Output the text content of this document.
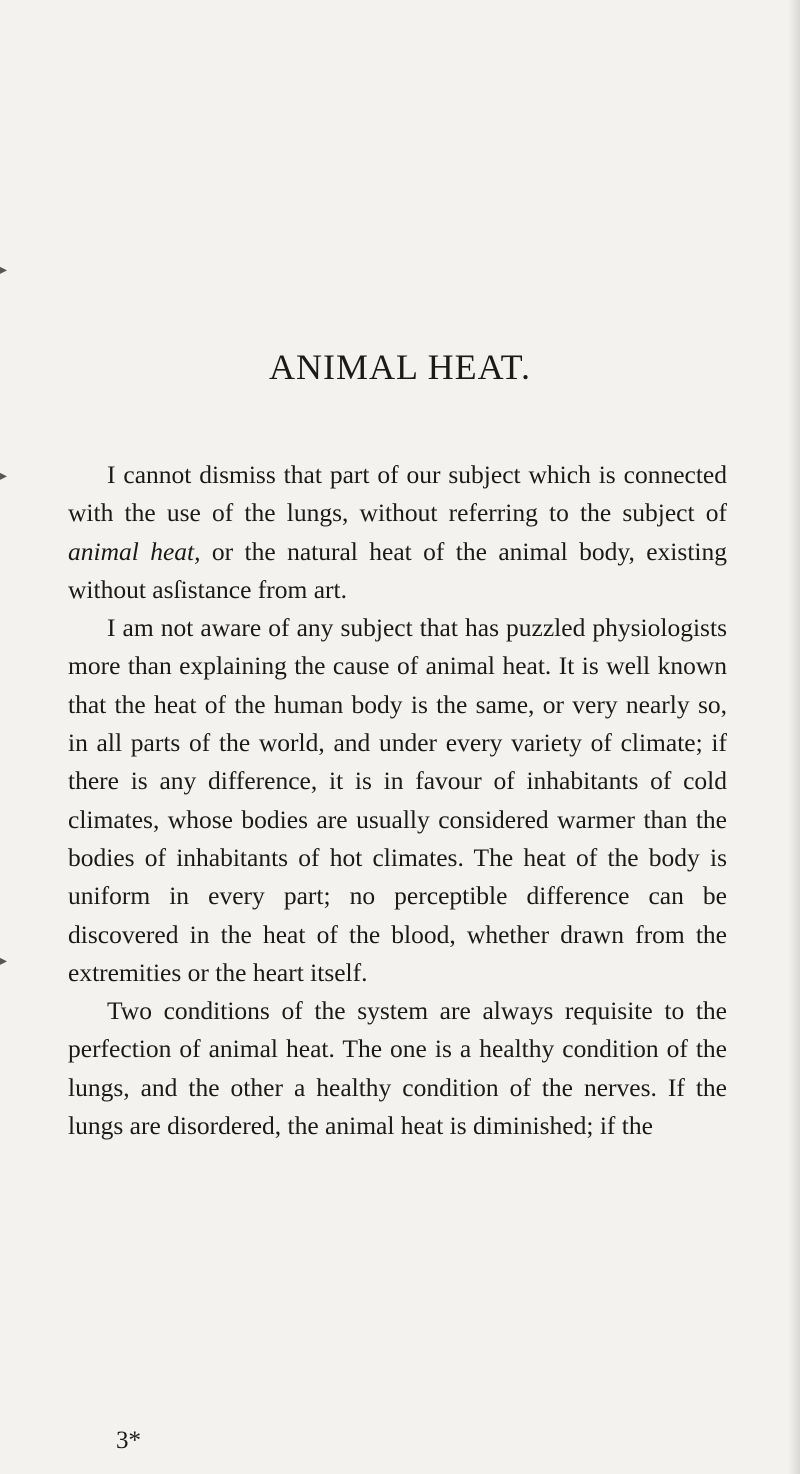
▸
▸
▸
ANIMAL HEAT.

I cannot dismiss that part of our subject which is connected with the use of the lungs, without referring to the subject of animal heat, or the natural heat of the animal body, existing without asſistance from art.

I am not aware of any subject that has puzzled physiologists more than explaining the cause of animal heat. It is well known that the heat of the human body is the same, or very nearly so, in all parts of the world, and under every variety of climate; if there is any difference, it is in favour of inhabitants of cold climates, whose bodies are usually considered warmer than the bodies of inhabitants of hot climates. The heat of the body is uniform in every part; no perceptible difference can be discovered in the heat of the blood, whether drawn from the extremities or the heart itself.

Two conditions of the system are always requisite to the perfection of animal heat. The one is a healthy condition of the lungs, and the other a healthy condition of the nerves. If the lungs are disordered, the animal heat is diminished; if the

3*
